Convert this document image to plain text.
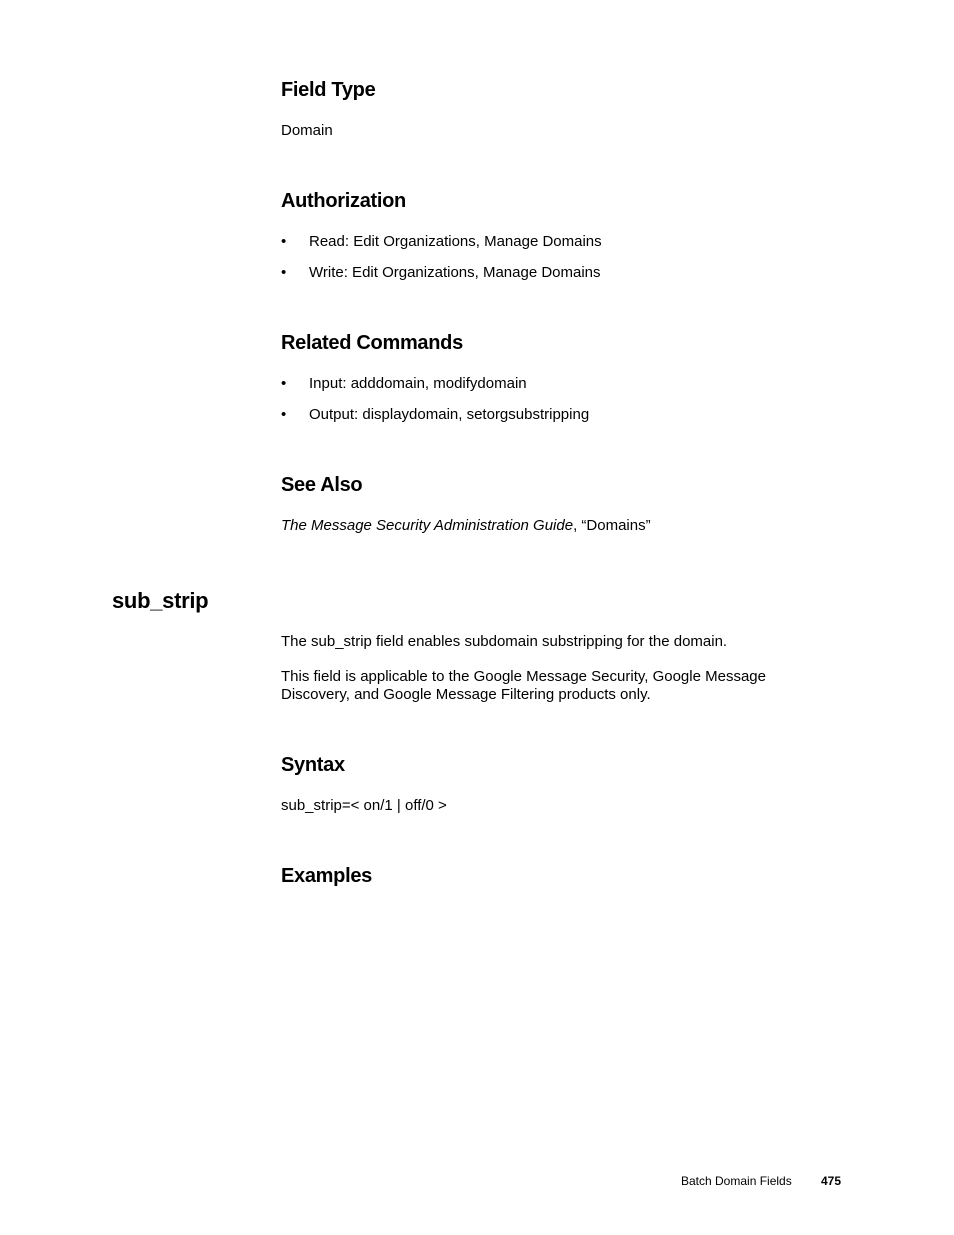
Field Type

Domain

Authorization
• Read: Edit Organizations, Manage Domains
• Write: Edit Organizations, Manage Domains
Related Commands
• Input: adddomain, modifydomain
• Output: displaydomain, setorgsubstripping
See Also

The Message Security Administration Guide, “Domains”

sub_strip

The sub_strip field enables subdomain substripping for the domain.

This field is applicable to the Google Message Security, Google Message

Discovery, and Google Message Filtering products only.

Syntax

sub_strip=< on/1 | off/0 >

Examples
Batch Domain Fields 475
